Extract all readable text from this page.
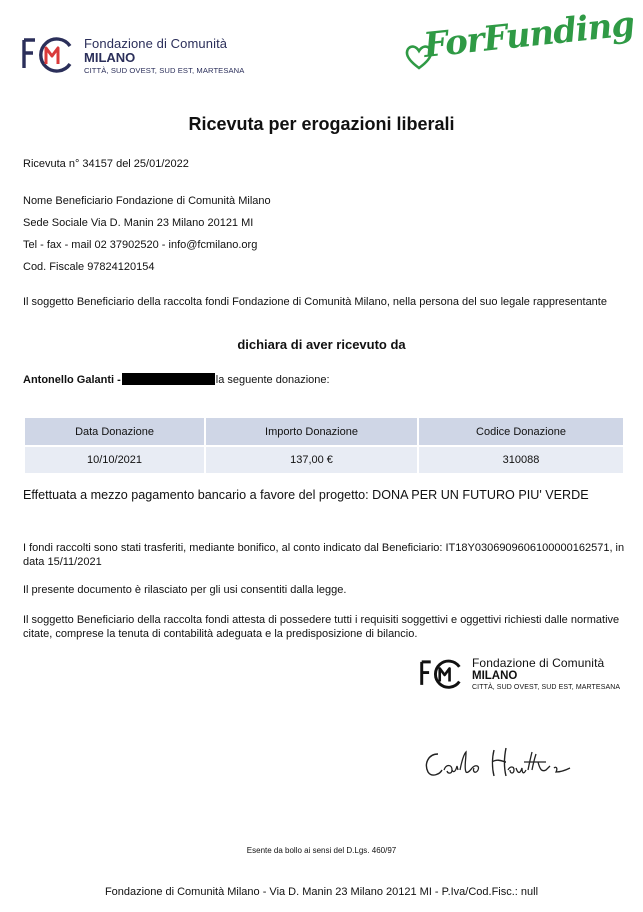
Fondazione di Comunità
MILANO
CITTÀ, SUD OVEST, SUD EST, MARTESANA
ForFunding
Ricevuta per erogazioni liberali
Ricevuta n° 34157 del 25/01/2022
Nome Beneficiario Fondazione di Comunità Milano
Sede Sociale Via D. Manin 23 Milano 20121 MI
Tel - fax - mail 02 37902520 - info@fcmilano.org
Cod. Fiscale 97824120154
Il soggetto Beneficiario della raccolta fondi Fondazione di Comunità Milano, nella persona del suo legale rappresentante
dichiara di aver ricevuto da
Antonello Galanti -	la seguente donazione:
Data Donazione	Importo Donazione	Codice Donazione
10/10/2021	137,00 €	310088
Effettuata a mezzo pagamento bancario a favore del progetto: DONA PER UN FUTURO PIU' VERDE
I fondi raccolti sono stati trasferiti, mediante bonifico, al conto indicato dal Beneficiario: IT18Y0306909606100000162571, in data 15/11/2021
Il presente documento è rilasciato per gli usi consentiti dalla legge.
Il soggetto Beneficiario della raccolta fondi attesta di possedere tutti i requisiti soggettivi e oggettivi richiesti dalle normative citate, comprese la tenuta di contabilità adeguata e la predisposizione di bilancio.
Fondazione di Comunità
MILANO
CITTÀ, SUD OVEST, SUD EST, MARTESANA
Esente da bollo ai sensi del D.Lgs. 460/97
Fondazione di Comunità Milano - Via D. Manin 23 Milano 20121 MI - P.Iva/Cod.Fisc.: null
